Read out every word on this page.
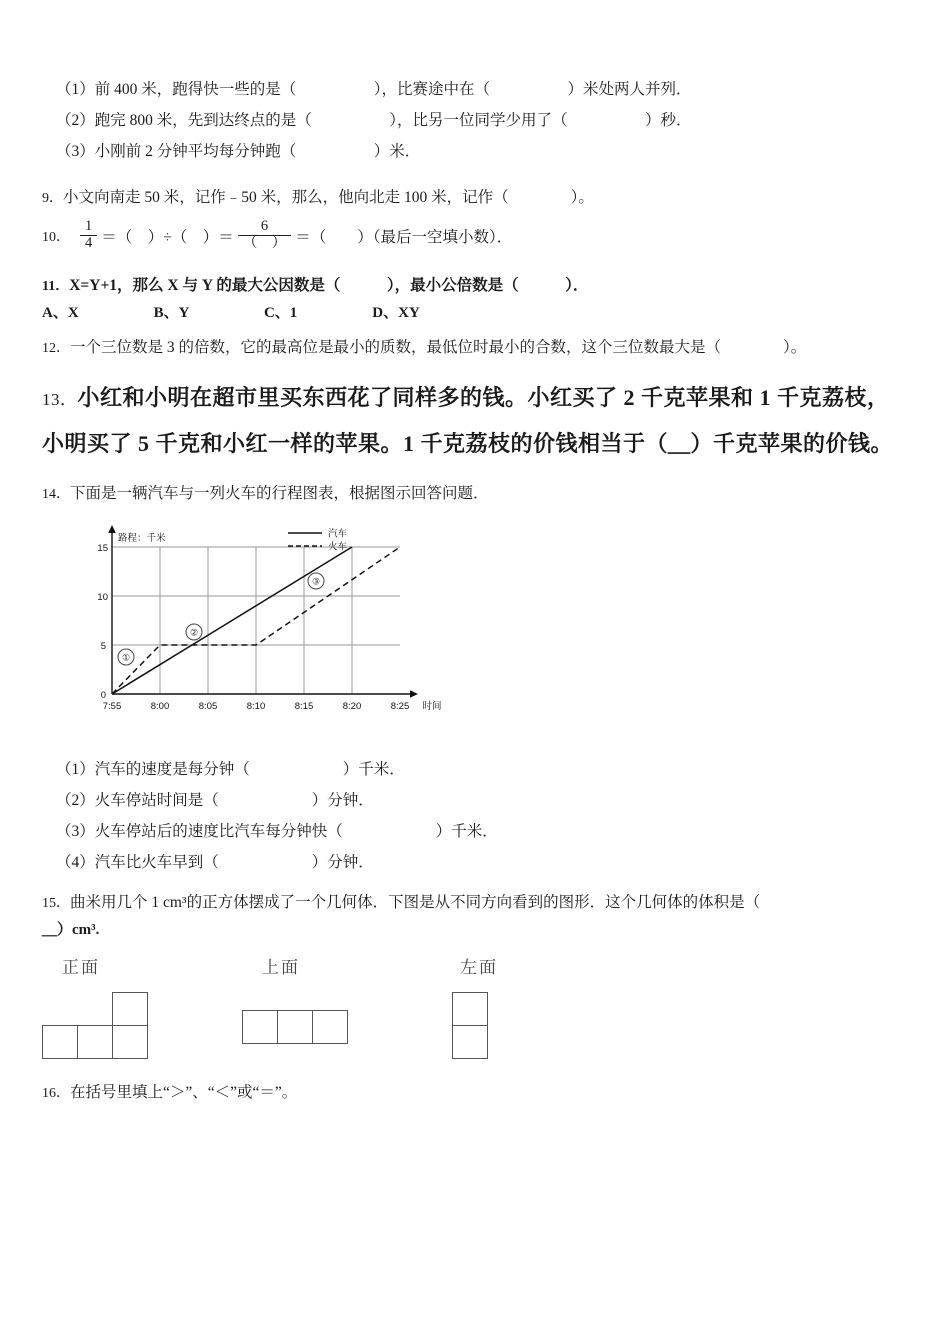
（1）前 400 米，跑得快一些的是（　　　　　），比赛途中在（　　　　　）米处两人并列．
（2）跑完 800 米，先到达终点的是（　　　　　），比另一位同学少用了（　　　　　）秒．
（3）小刚前 2 分钟平均每分钟跑（　　　　　）米．
9．小文向南走 50 米，记作﹣50 米，那么，他向北走 100 米，记作（　　　　）。
10． $\frac{1}{4}$ ＝（　）÷（　）＝ $\frac{6}{( )}$ ＝（　　）（最后一空填小数）．
11．X=Y+1，那么 X 与 Y 的最大公因数是（　　　），最小公倍数是（　　　）．
A、X　　　　　B、Y　　　　　C、1　　　　　D、XY
12．一个三位数是 3 的倍数，它的最高位是最小的质数，最低位时最小的合数，这个三位数最大是（　　　　）。
13．小红和小明在超市里买东西花了同样多的钱。小红买了 2 千克苹果和 1 千克荔枝，
小明买了 5 千克和小红一样的苹果。1 千克荔枝的价钱相当于（＿）千克苹果的价钱。
14．下面是一辆汽车与一列火车的行程图表，根据图示回答问题．
路程：千米
0
5
10
15
7:55	8:00	8:05	8:10	8:15	8:20	8:25 时间
①
②
③
汽车
火车
（1）汽车的速度是每分钟（　　　　　　）千米．
（2）火车停站时间是（　　　　　　）分钟．
（3）火车停站后的速度比汽车每分钟快（　　　　　　）千米．
（4）汽车比火车早到（　　　　　　）分钟．
15．曲米用几个 1 cm³的正方体摆成了一个几何体．下图是从不同方向看到的图形．这个几何体的体积是（　　　　
＿）cm³.
正面

			上面
			左面

16．在括号里填上“＞”、“＜”或“＝”。
